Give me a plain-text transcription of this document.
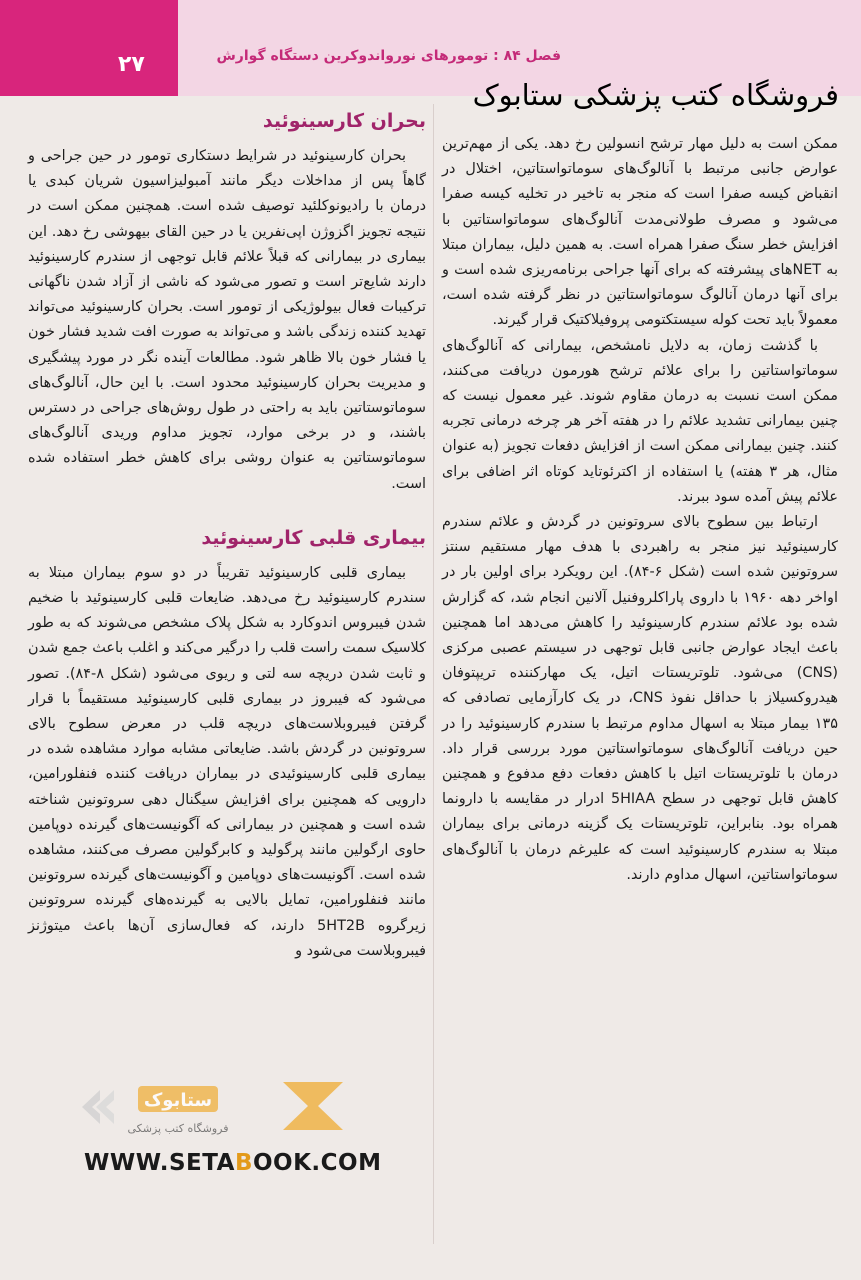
۲۷	فصل ۸۴ : تومورهای نورواندوکرین دستگاه گوارش
فروشگاه کتب پزشکی ستابوک

ممکن است به دلیل مهار ترشح انسولین رخ دهد. یکی از مهم‌ترین عوارض جانبی مرتبط با آنالوگ‌های سوماتواستاتین، اختلال در انقباض کیسه صفرا است که منجر به تاخیر در تخلیه کیسه صفرا می‌شود و مصرف طولانی‌مدت آنالوگ‌های سوماتواستاتین با افزایش خطر سنگ صفرا همراه است. به همین دلیل، بیماران مبتلا به NETهای پیشرفته که برای آنها جراحی برنامه‌ریزی شده است و برای آنها درمان آنالوگ سوماتواستاتین در نظر گرفته شده است، معمولاً باید تحت کوله سیستکتومی پروفیلاکتیک قرار گیرند.

با گذشت زمان، به دلایل نامشخص، بیمارانی که آنالوگ‌های سوماتواستاتین را برای علائم ترشح هورمون دریافت می‌کنند، ممکن است نسبت به درمان مقاوم شوند. غیر معمول نیست که چنین بیمارانی تشدید علائم را در هفته آخر هر چرخه درمانی تجربه کنند. چنین بیمارانی ممکن است از افزایش دفعات تجویز (به عنوان مثال، هر ۳ هفته) یا استفاده از اکترئوتاید کوتاه اثر اضافی برای علائم پیش آمده سود ببرند.

ارتباط بین سطوح بالای سروتونین در گردش و علائم سندرم کارسینوئید نیز منجر به راهبردی با هدف مهار مستقیم سنتز سروتونین شده است (شکل ۶-۸۴). این رویکرد برای اولین بار در اواخر دهه ۱۹۶۰ با داروی پاراکلروفنیل آلانین انجام شد، که گزارش شده بود علائم سندرم کارسینوئید را کاهش می‌دهد اما همچنین باعث ایجاد عوارض جانبی قابل توجهی در سیستم عصبی مرکزی (CNS) می‌شود. تلوتریستات اتیل، یک مهارکننده تریپتوفان هیدروکسیلاز با حداقل نفوذ CNS، در یک کارآزمایی تصادفی که ۱۳۵ بیمار مبتلا به اسهال مداوم مرتبط با سندرم کارسینوئید را در حین دریافت آنالوگ‌های سوماتواستاتین مورد بررسی قرار داد. درمان با تلوتریستات اتیل با کاهش دفعات دفع مدفوع و همچنین کاهش قابل توجهی در سطح 5HIAA ادرار در مقایسه با دارونما همراه بود. بنابراین، تلوتریستات یک گزینه درمانی برای بیماران مبتلا به سندرم کارسینوئید است که علیرغم درمان با آنالوگ‌های سوماتواستاتین، اسهال مداوم دارند.

بحران کارسینوئید

بحران کارسینوئید در شرایط دستکاری تومور در حین جراحی و گاهاً پس از مداخلات دیگر مانند آمبولیزاسیون شریان کبدی یا درمان با رادیونوکلئید توصیف شده است. همچنین ممکن است در نتیجه تجویز اگزوژن اپی‌نفرین یا در حین القای بیهوشی رخ دهد. این بیماری در بیمارانی که قبلاً علائم قابل توجهی از سندرم کارسینوئید دارند شایع‌تر است و تصور می‌شود که ناشی از آزاد شدن ناگهانی ترکیبات فعال بیولوژیکی از تومور است. بحران کارسینوئید می‌تواند تهدید کننده زندگی باشد و می‌تواند به صورت افت شدید فشار خون یا فشار خون بالا ظاهر شود. مطالعات آینده نگر در مورد پیشگیری و مدیریت بحران کارسینوئید محدود است. با این حال، آنالوگ‌های سوماتوستاتین باید به راحتی در طول روش‌های جراحی در دسترس باشند، و در برخی موارد، تجویز مداوم وریدی آنالوگ‌های سوماتوستاتین به عنوان روشی برای کاهش خطر استفاده شده است.

بیماری قلبی کارسینوئید

بیماری قلبی کارسینوئید تقریباً در دو سوم بیماران مبتلا به سندرم کارسینوئید رخ می‌دهد. ضایعات قلبی کارسینوئید با ضخیم شدن فیبروس اندوکارد به شکل پلاک مشخص می‌شوند که به طور کلاسیک سمت راست قلب را درگیر می‌کند و اغلب باعث جمع شدن و ثابت شدن دریچه سه لتی و ریوی می‌شود (شکل ۸-۸۴). تصور می‌شود که فیبروز در بیماری قلبی کارسینوئید مستقیماً با قرار گرفتن فیبروبلاست‌های دریچه قلب در معرض سطوح بالای سروتونین در گردش باشد. ضایعاتی مشابه موارد مشاهده شده در بیماری قلبی کارسینوئیدی در بیماران دریافت کننده فنفلورامین، دارویی که همچنین برای افزایش سیگنال دهی سروتونین شناخته شده است و همچنین در بیمارانی که آگونیست‌های گیرنده دوپامین حاوی ارگولین مانند پرگولید و کابرگولین مصرف می‌کنند، مشاهده شده است. آگونیست‌های دوپامین و آگونیست‌های گیرنده سروتونین مانند فنفلورامین، تمایل بالایی به گیرنده‌های گیرنده سروتونین زیرگروه 5HT2B دارند، که فعال‌سازی آن‌ها باعث میتوژنز فیبروبلاست می‌شود و

فروشگاه کتب پزشکی
ستابوک
WWW.SETABOOK.COM
